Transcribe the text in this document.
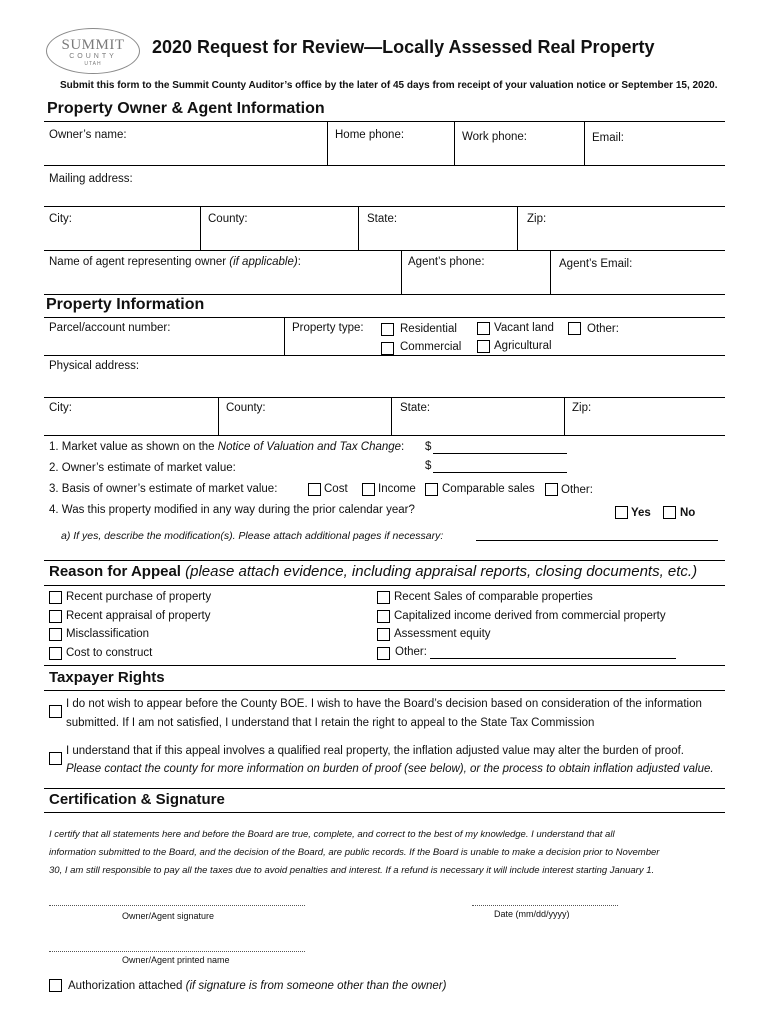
SUMMIT
COUNTY
UTAH
2020 Request for Review—Locally Assessed Real Property
Submit this form to the Summit County Auditor’s office by the later of 45 days from receipt of your valuation notice or September 15, 2020.
Property Owner & Agent Information
Owner’s name:	Home phone:	Work phone:	Email:
Mailing address:
City:	County:	State:	Zip:
Name of agent representing owner (if applicable):	Agent’s phone:	Agent’s Email:
Property Information
Parcel/account number:	Property type:	Residential
Commercial
Vacant land
Agricultural
Other:
Physical address:
City:	County:	State:	Zip:
1. Market value as shown on the Notice of Valuation and Tax Change: $
2. Owner’s estimate of market value:	$
3. Basis of owner’s estimate of market value:	Cost	Income Comparable sales Other:
4. Was this property modified in any way during the prior calendar year?	Yes	No
a) If yes, describe the modification(s). Please attach additional pages if necessary:
Reason for Appeal (please attach evidence, including appraisal reports, closing documents, etc.)
Recent purchase of property
Recent appraisal of property
Misclassification
Cost to construct
Recent Sales of comparable properties
Capitalized income derived from commercial property
Assessment equity
Other:
Taxpayer Rights
I do not wish to appear before the County BOE. I wish to have the Board’s decision based on consideration of the information
submitted. If I am not satisfied, I understand that I retain the right to appeal to the State Tax Commission
I understand that if this appeal involves a qualified real property, the inflation adjusted value may alter the burden of proof.
Please contact the county for more information on burden of proof (see below), or the process to obtain inflation adjusted value.
Certification & Signature
I certify that all statements here and before the Board are true, complete, and correct to the best of my knowledge. I understand that all
information submitted to the Board, and the decision of the Board, are public records. If the Board is unable to make a decision prior to November
30, I am still responsible to pay all the taxes due to avoid penalties and interest. If a refund is necessary it will include interest starting January 1.
Owner/Agent signature	Date (mm/dd/yyyy)
Owner/Agent printed name
Authorization attached (if signature is from someone other than the owner)
